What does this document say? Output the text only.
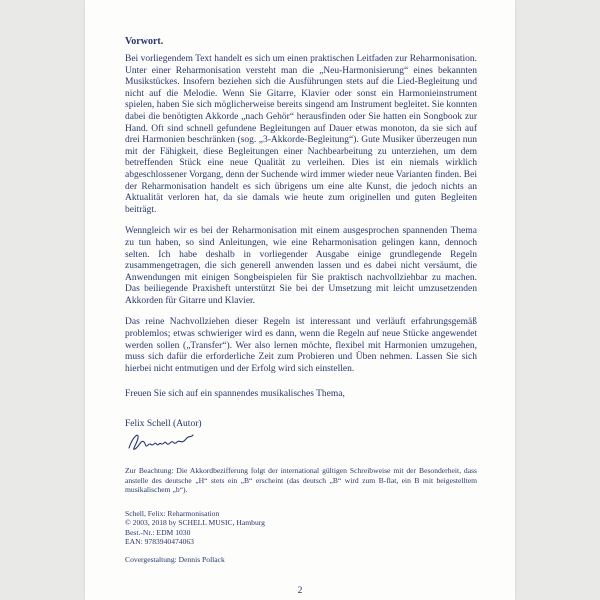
Vorwort.

Bei vorliegendem Text handelt es sich um einen praktischen Leitfaden zur Reharmonisation. Unter einer Reharmonisation versteht man die „Neu-Harmonisierung“ eines bekannten Musikstückes. Insofern beziehen sich die Ausführungen stets auf die Lied-Begleitung und nicht auf die Melodie. Wenn Sie Gitarre, Klavier oder sonst ein Harmonieinstrument spielen, haben Sie sich möglicherweise bereits singend am Instrument begleitet. Sie konnten dabei die benötigten Akkorde „nach Gehör“ herausfinden oder Sie hatten ein Songbook zur Hand. Oft sind schnell gefundene Begleitungen auf Dauer etwas monoton, da sie sich auf drei Harmonien beschränken (sog. „3-Akkorde-Begleitung“). Gute Musiker überzeugen nun mit der Fähigkeit, diese Begleitungen einer Nachbearbeitung zu unterziehen, um dem betreffenden Stück eine neue Qualität zu verleihen. Dies ist ein niemals wirklich abgeschlossener Vorgang, denn der Suchende wird immer wieder neue Varianten finden. Bei der Reharmonisation handelt es sich übrigens um eine alte Kunst, die jedoch nichts an Aktualität verloren hat, da sie damals wie heute zum originellen und guten Begleiten beiträgt.

Wenngleich wir es bei der Reharmonisation mit einem ausgesprochen spannenden Thema zu tun haben, so sind Anleitungen, wie eine Reharmonisation gelingen kann, dennoch selten. Ich habe deshalb in vorliegender Ausgabe einige grundlegende Regeln zusammengetragen, die sich generell anwenden lassen und es dabei nicht versäumt, die Anwendungen mit einigen Songbeispielen für Sie praktisch nachvollziehbar zu machen. Das beiliegende Praxisheft unterstützt Sie bei der Umsetzung mit leicht umzusetzenden Akkorden für Gitarre und Klavier.

Das reine Nachvollziehen dieser Regeln ist interessant und verläuft erfahrungsgemäß problemlos; etwas schwieriger wird es dann, wenn die Regeln auf neue Stücke angewendet werden sollen („Transfer“). Wer also lernen möchte, flexibel mit Harmonien umzugehen, muss sich dafür die erforderliche Zeit zum Probieren und Üben nehmen. Lassen Sie sich hierbei nicht entmutigen und der Erfolg wird sich einstellen.

Freuen Sie sich auf ein spannendes musikalisches Thema,

Felix Schell (Autor)
Zur Beachtung: Die Akkordbezifferung folgt der international gültigen Schreibweise mit der Besonderheit, dass anstelle des deutsche „H“ stets ein „B“ erscheint (das deutsch „B“ wird zum B-flat, ein B mit beigestelltem musikalischem „b“).
Schell, Felix: Reharmonisation
© 2003, 2018 by SCHELL MUSIC, Hamburg
Best.-Nr.: EDM 1030
EAN: 9783940474063
Covergestaltung: Dennis Pollack
2
